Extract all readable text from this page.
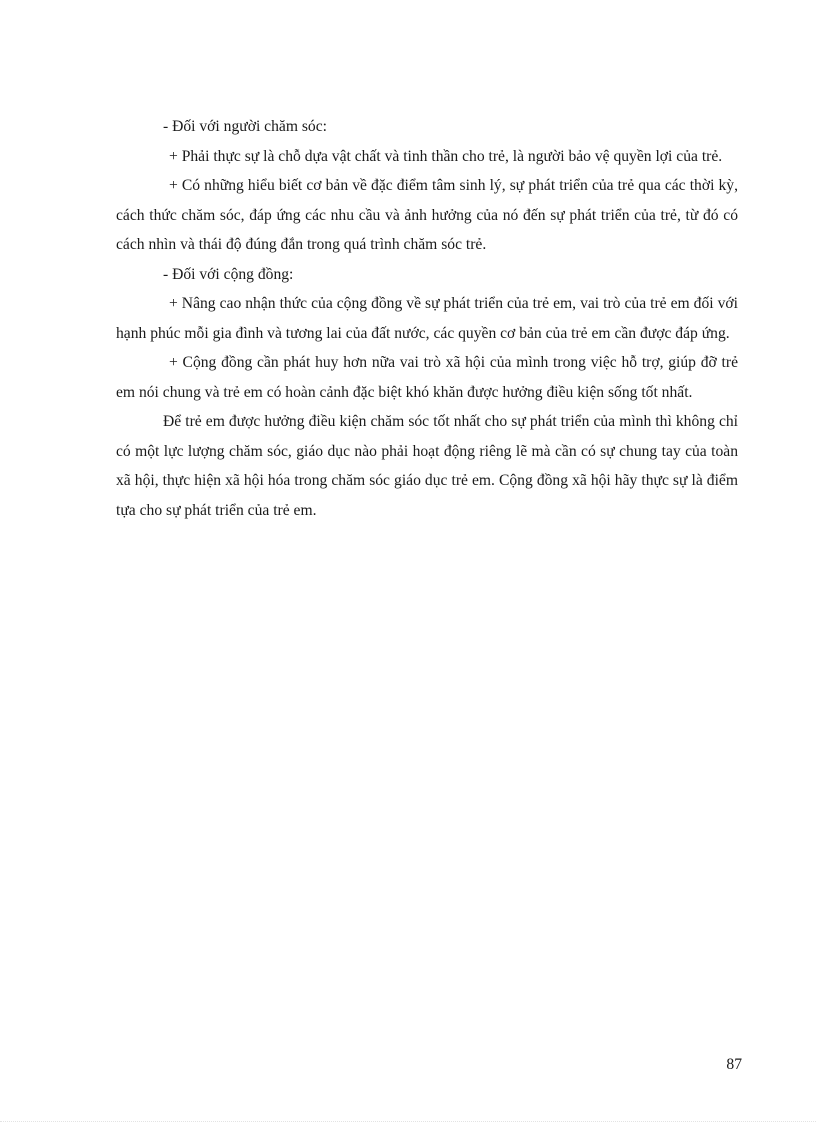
- Đối với người chăm sóc:

+ Phải thực sự là chỗ dựa vật chất và tinh thần cho trẻ, là người bảo vệ quyền lợi của trẻ.

+ Có những hiểu biết cơ bản về đặc điểm tâm sinh lý, sự phát triển của trẻ qua các thời kỳ, cách thức chăm sóc, đáp ứng các nhu cầu và ảnh hưởng của nó đến sự phát triển của trẻ, từ đó có cách nhìn và thái độ đúng đắn trong quá trình chăm sóc trẻ.

- Đối với cộng đồng:

+ Nâng cao nhận thức của cộng đồng về sự phát triển của trẻ em, vai trò của trẻ em đối với hạnh phúc mỗi gia đình và tương lai của đất nước, các quyền cơ bản của trẻ em cần được đáp ứng.

+ Cộng đồng cần phát huy hơn nữa vai trò xã hội của mình trong việc hỗ trợ, giúp đỡ trẻ em nói chung và trẻ em có hoàn cảnh đặc biệt khó khăn được hưởng điều kiện sống tốt nhất.

Để trẻ em được hưởng điều kiện chăm sóc tốt nhất cho sự phát triển của mình thì không chỉ có một lực lượng chăm sóc, giáo dục nào phải hoạt động riêng lẽ mà cần có sự chung tay của toàn xã hội, thực hiện xã hội hóa trong chăm sóc giáo dục trẻ em. Cộng đồng xã hội hãy thực sự là điểm tựa cho sự phát triển của trẻ em.

87
